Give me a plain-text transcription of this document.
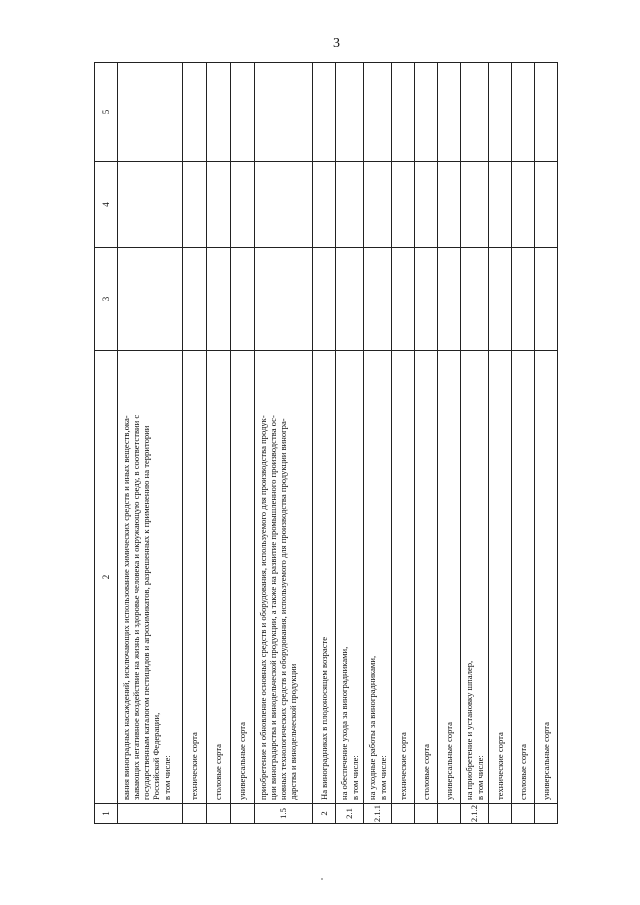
3
1	2	3	4	5

	вания виноградных насаждений, исключающих использование химических средств и иных веществ,ока- зывающих негативное воздействие на жизнь и здоровье человека и окружающую среду, в соответствии с государственным каталогом пестицидов и агрохимикатов, разрешенных к применению на территории Российской Федерации, в том числе:			

	технические сорта			

	столовые сорта			

	универсальные сорта			

1.5	приобретение и обновление основных средств и оборудования, используемого для производства продук- ции виноградарства и винодельческой продукции, а также на развитие промышленного производства ос- новных технологических средств и оборудования, используемого для производства продукции виногра- дарства и винодельческой продукции			

2	На виноградниках в плодоносящем возрасте			

2.1	на обеспечение ухода за виноградниками, в том числе:			

2.1.1	на уходные работы за виноградниками, в том числе:			

	технические сорта			

	столовые сорта			

	универсальные сорта			

2.1.2	на приобретение и установку шпалер, в том числе:			

	технические сорта			

	столовые сорта			

	универсальные сорта			
